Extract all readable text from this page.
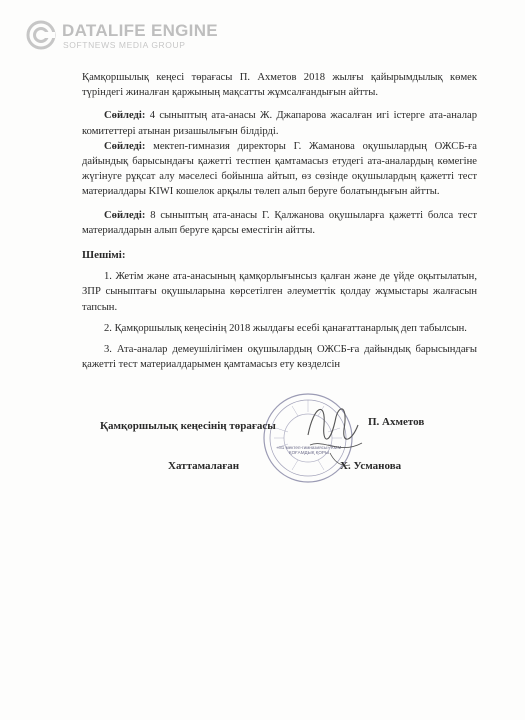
DATALIFE ENGINE
SOFTNEWS MEDIA GROUP

Қамқоршылық кеңесі төрағасы П. Ахметов 2018 жылғы қайырымдылық көмек түріндегі жиналған қаржының мақсатты жұмсалғандығын айтты.

Сөйледі: 4 сыныптың ата-анасы Ж. Джапарова жасалған игі істерге ата-аналар комитеттері атынан ризашылығын білдірді.

Сөйледі: мектеп-гимназия директоры Г. Жаманова оқушылардың ОЖСБ-ға дайындық барысындағы қажетті тестпен қамтамасыз етудегі ата-аналардың көмегіне жүгінуге рұқсат алу мәселесі бойынша айтып, өз сөзінде оқушылардың қажетті тест материалдары KIWI кошелок арқылы төлеп алып беруге болатындығын айтты.

Сөйледі: 8 сыныптың ата-анасы Г. Қалжанова оқушыларға қажетті болса тест материалдарын алып беруге қарсы еместігін айтты.

Шешімі:

1. Жетім және ата-анасының қамқорлығынсыз қалған және де үйде оқытылатын, ЗПР сыныптағы оқушыларына көрсетілген әлеуметтік қолдау жұмыстары жалғасын тапсын.

2. Қамқоршылық кеңесінің 2018 жылдағы есебі қанағаттанарлық деп табылсын.

3. Ата-аналар демеушілігімен оқушылардың ОЖСБ-ға дайындық барысындағы қажетті тест материалдарымен қамтамасыз ету көзделсін

«81 мектеп-гимназиясы» КММ
ҚОҒАМДЫҚ ҚОРЫ
Қамқоршылық кеңесінің төрағасы	П. Ахметов
Хаттамалаған	Х. Усманова
